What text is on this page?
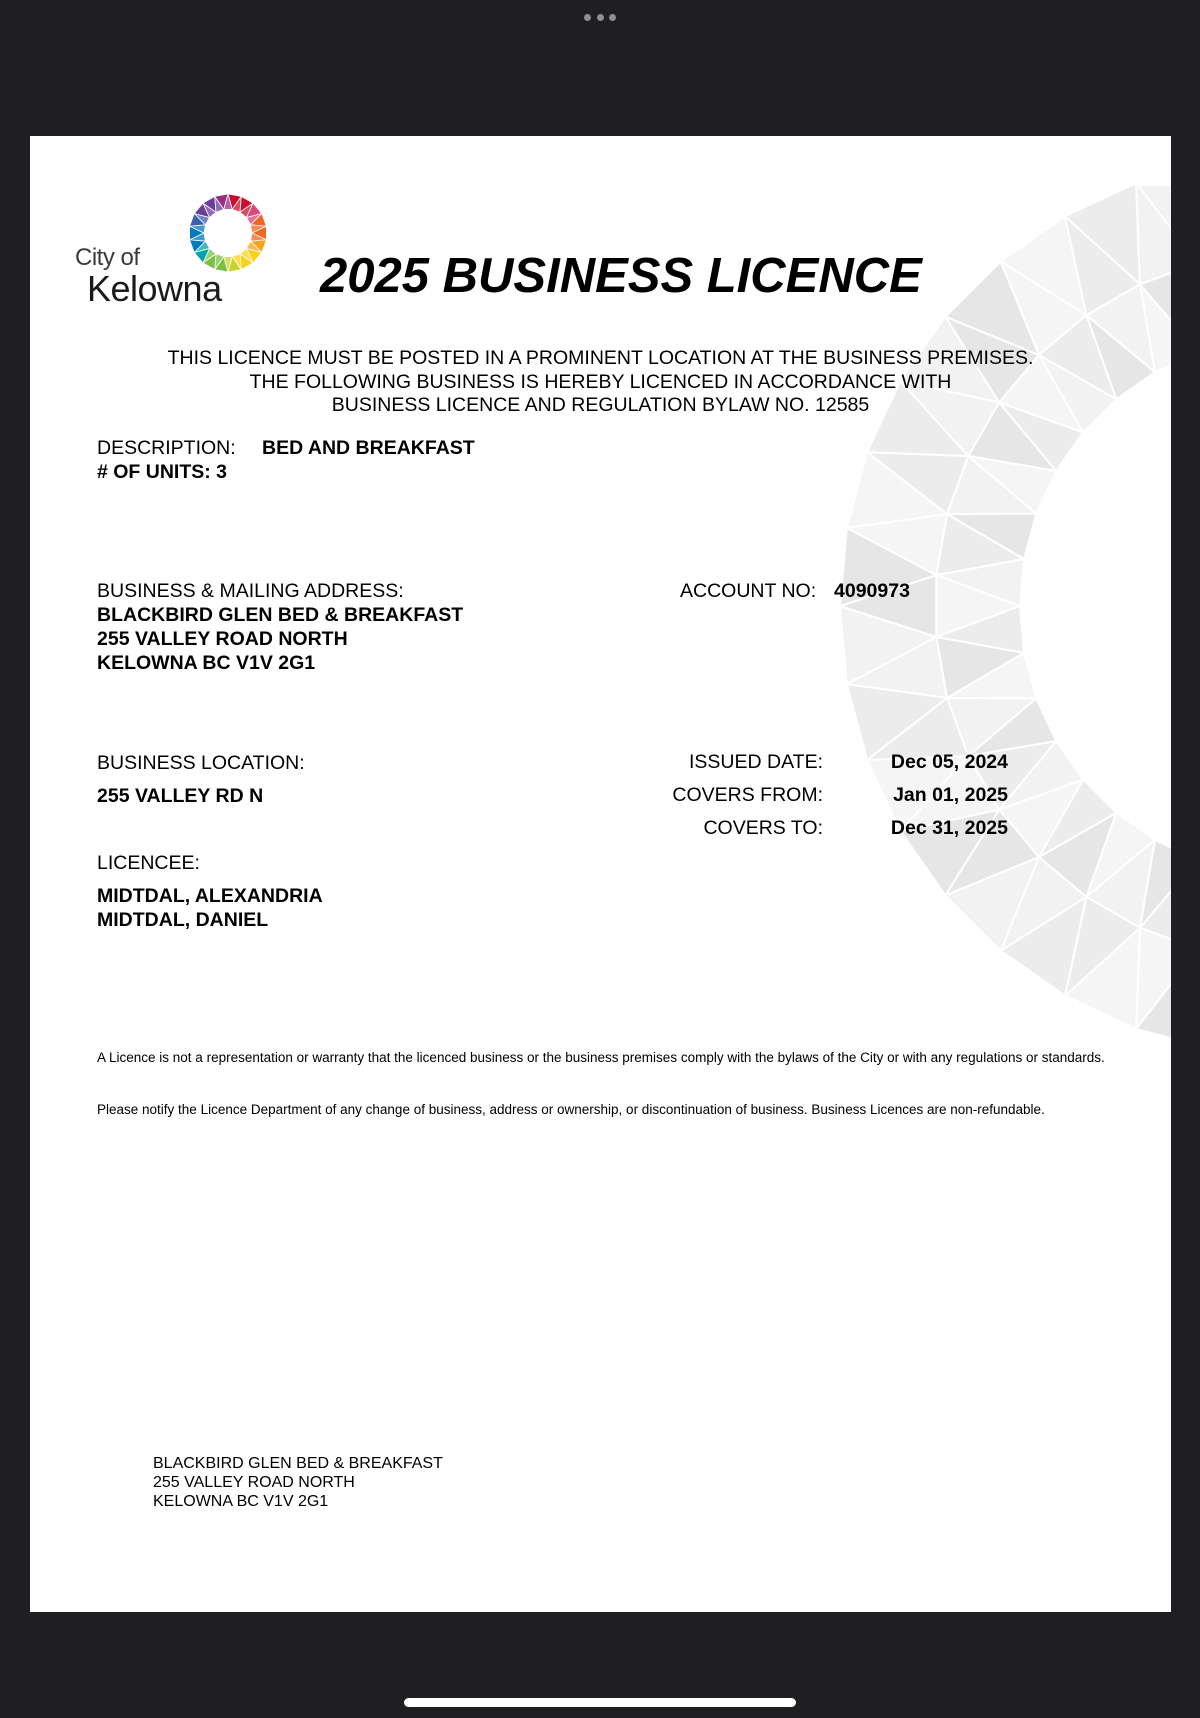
City of
Kelowna 2025 BUSINESS LICENCE
THIS LICENCE MUST BE POSTED IN A PROMINENT LOCATION AT THE BUSINESS PREMISES.
THE FOLLOWING BUSINESS IS HEREBY LICENCED IN ACCORDANCE WITH
BUSINESS LICENCE AND REGULATION BYLAW NO. 12585
DESCRIPTION: BED AND BREAKFAST
# OF UNITS: 3
BUSINESS & MAILING ADDRESS:
BLACKBIRD GLEN BED & BREAKFAST
255 VALLEY ROAD NORTH
KELOWNA BC V1V 2G1
ACCOUNT NO: 4090973
BUSINESS LOCATION:
255 VALLEY RD N
ISSUED DATE:	Dec 05, 2024
COVERS FROM:	Jan 01, 2025
COVERS TO:	Dec 31, 2025
LICENCEE:
MIDTDAL, ALEXANDRIA
MIDTDAL, DANIEL
A Licence is not a representation or warranty that the licenced business or the business premises comply with the bylaws of the City or with any regulations or standards.
Please notify the Licence Department of any change of business, address or ownership, or discontinuation of business. Business Licences are non-refundable.
BLACKBIRD GLEN BED & BREAKFAST
255 VALLEY ROAD NORTH
KELOWNA BC V1V 2G1
